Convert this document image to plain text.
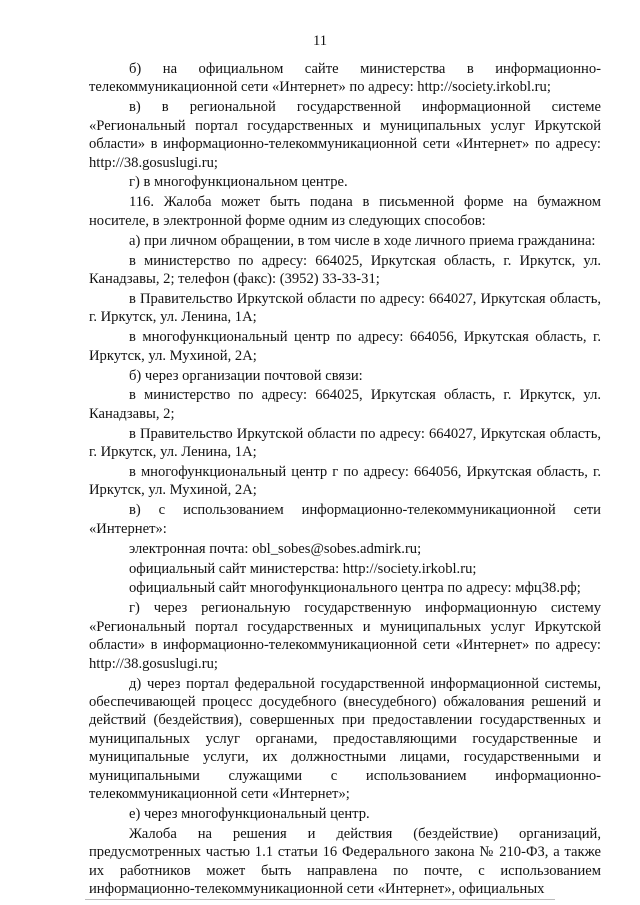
11

б) на официальном сайте министерства в информационно-телекоммуникационной сети «Интернет» по адресу: http://society.irkobl.ru;

в) в региональной государственной информационной системе «Региональный портал государственных и муниципальных услуг Иркутской области» в информационно-телекоммуникационной сети «Интернет» по адресу: http://38.gosuslugi.ru;

г) в многофункциональном центре.

116. Жалоба может быть подана в письменной форме на бумажном носителе, в электронной форме одним из следующих способов:

а) при личном обращении, в том числе в ходе личного приема гражданина:

в министерство по адресу: 664025, Иркутская область, г. Иркутск, ул. Канадзавы, 2; телефон (факс): (3952) 33-33-31;

в Правительство Иркутской области по адресу: 664027, Иркутская область, г. Иркутск, ул. Ленина, 1А;

в многофункциональный центр по адресу: 664056, Иркутская область, г. Иркутск, ул. Мухиной, 2А;

б) через организации почтовой связи:

в министерство по адресу: 664025, Иркутская область, г. Иркутск, ул. Канадзавы, 2;

в Правительство Иркутской области по адресу: 664027, Иркутская область, г. Иркутск, ул. Ленина, 1А;

в многофункциональный центр г по адресу: 664056, Иркутская область, г. Иркутск, ул. Мухиной, 2А;

в) с использованием информационно-телекоммуникационной сети «Интернет»:

электронная почта: obl_sobes@sobes.admirk.ru;

официальный сайт министерства: http://society.irkobl.ru;

официальный сайт многофункционального центра по адресу: мфц38.рф;

г) через региональную государственную информационную систему «Региональный портал государственных и муниципальных услуг Иркутской области» в информационно-телекоммуникационной сети «Интернет» по адресу: http://38.gosuslugi.ru;

д) через портал федеральной государственной информационной системы, обеспечивающей процесс досудебного (внесудебного) обжалования решений и действий (бездействия), совершенных при предоставлении государственных и муниципальных услуг органами, предоставляющими государственные и муниципальные услуги, их должностными лицами, государственными и муниципальными служащими с использованием информационно-телекоммуникационной сети «Интернет»;

е) через многофункциональный центр.

Жалоба на решения и действия (бездействие) организаций, предусмотренных частью 1.1 статьи 16 Федерального закона № 210-ФЗ, а также их работников может быть направлена по почте, с использованием информационно-телекоммуникационной сети «Интернет», официальных
